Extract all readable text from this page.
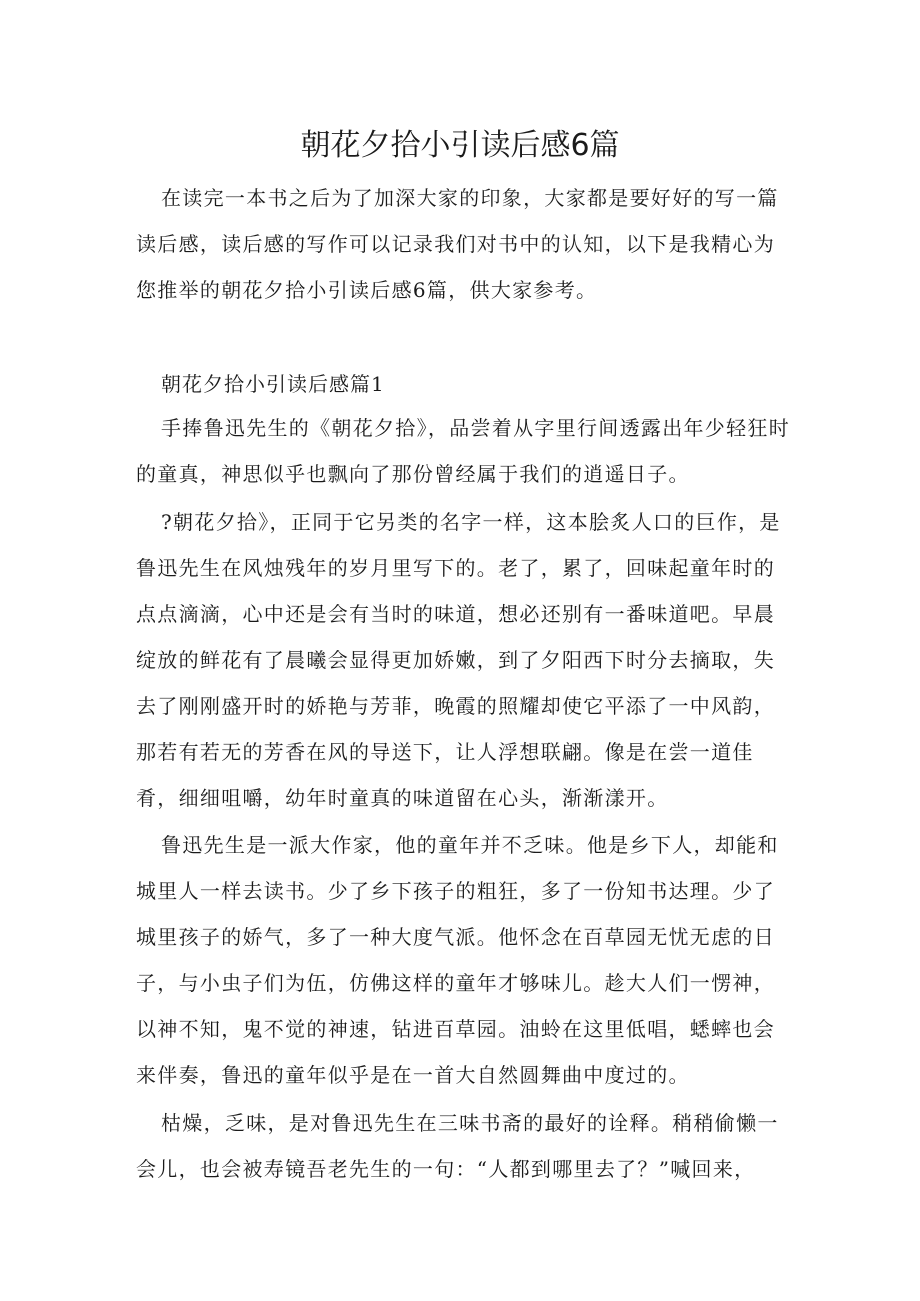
朝花夕拾小引读后感6篇

在读完一本书之后为了加深大家的印象，大家都是要好好的写一篇读后感，读后感的写作可以记录我们对书中的认知，以下是我精心为您推举的朝花夕拾小引读后感6篇，供大家参考。

朝花夕拾小引读后感篇1

手捧鲁迅先生的《朝花夕拾》，品尝着从字里行间透露出年少轻狂时的童真，神思似乎也飘向了那份曾经属于我们的逍遥日子。

?朝花夕拾》，正同于它另类的名字一样，这本脍炙人口的巨作，是鲁迅先生在风烛残年的岁月里写下的。老了，累了，回味起童年时的点点滴滴，心中还是会有当时的味道，想必还别有一番味道吧。早晨绽放的鲜花有了晨曦会显得更加娇嫩，到了夕阳西下时分去摘取，失去了刚刚盛开时的娇艳与芳菲，晚霞的照耀却使它平添了一中风韵，那若有若无的芳香在风的导送下，让人浮想联翩。像是在尝一道佳肴，细细咀嚼，幼年时童真的味道留在心头，渐渐漾开。

鲁迅先生是一派大作家，他的童年并不乏味。他是乡下人，却能和城里人一样去读书。少了乡下孩子的粗狂，多了一份知书达理。少了城里孩子的娇气，多了一种大度气派。他怀念在百草园无忧无虑的日子，与小虫子们为伍，仿佛这样的童年才够味儿。趁大人们一愣神，以神不知，鬼不觉的神速，钻进百草园。油蛉在这里低唱，蟋蟀也会来伴奏，鲁迅的童年似乎是在一首大自然圆舞曲中度过的。

枯燥，乏味，是对鲁迅先生在三味书斋的最好的诠释。稍稍偷懒一会儿，也会被寿镜吾老先生的一句：“人都到哪里去了？”喊回来，
